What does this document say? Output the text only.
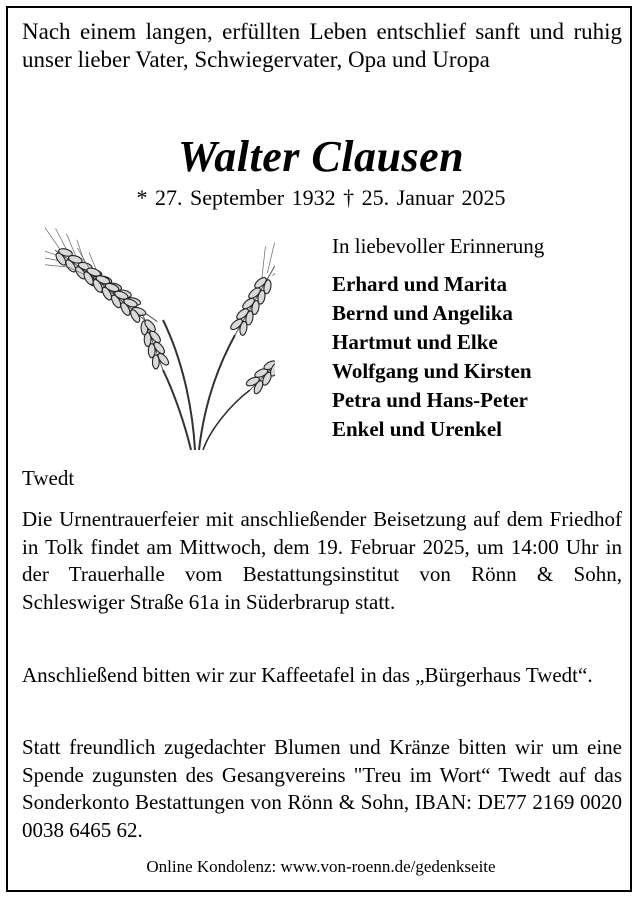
Nach einem langen, erfüllten Leben entschlief sanft und ruhig unser lieber Vater, Schwiegervater, Opa und Uropa

Walter Clausen
* 27. September 1932 † 25. Januar 2025
In liebevoller Erinnerung
Erhard und Marita
Bernd und Angelika
Hartmut und Elke
Wolfgang und Kirsten
Petra und Hans-Peter
Enkel und Urenkel
Twedt

Die Urnentrauerfeier mit anschließender Beisetzung auf dem Friedhof in Tolk findet am Mittwoch, dem 19. Februar 2025, um 14:00 Uhr in der Trauerhalle vom Bestattungsinstitut von Rönn & Sohn, Schleswiger Straße 61a in Süderbrarup statt.

Anschließend bitten wir zur Kaffeetafel in das „Bürgerhaus Twedt“.

Statt freundlich zugedachter Blumen und Kränze bitten wir um eine Spende zugunsten des Gesangvereins "Treu im Wort“ Twedt auf das Sonderkonto Bestattungen von Rönn & Sohn, IBAN: DE77 2169 0020 0038 6465 62.

Online Kondolenz: www.von-roenn.de/gedenkseite
